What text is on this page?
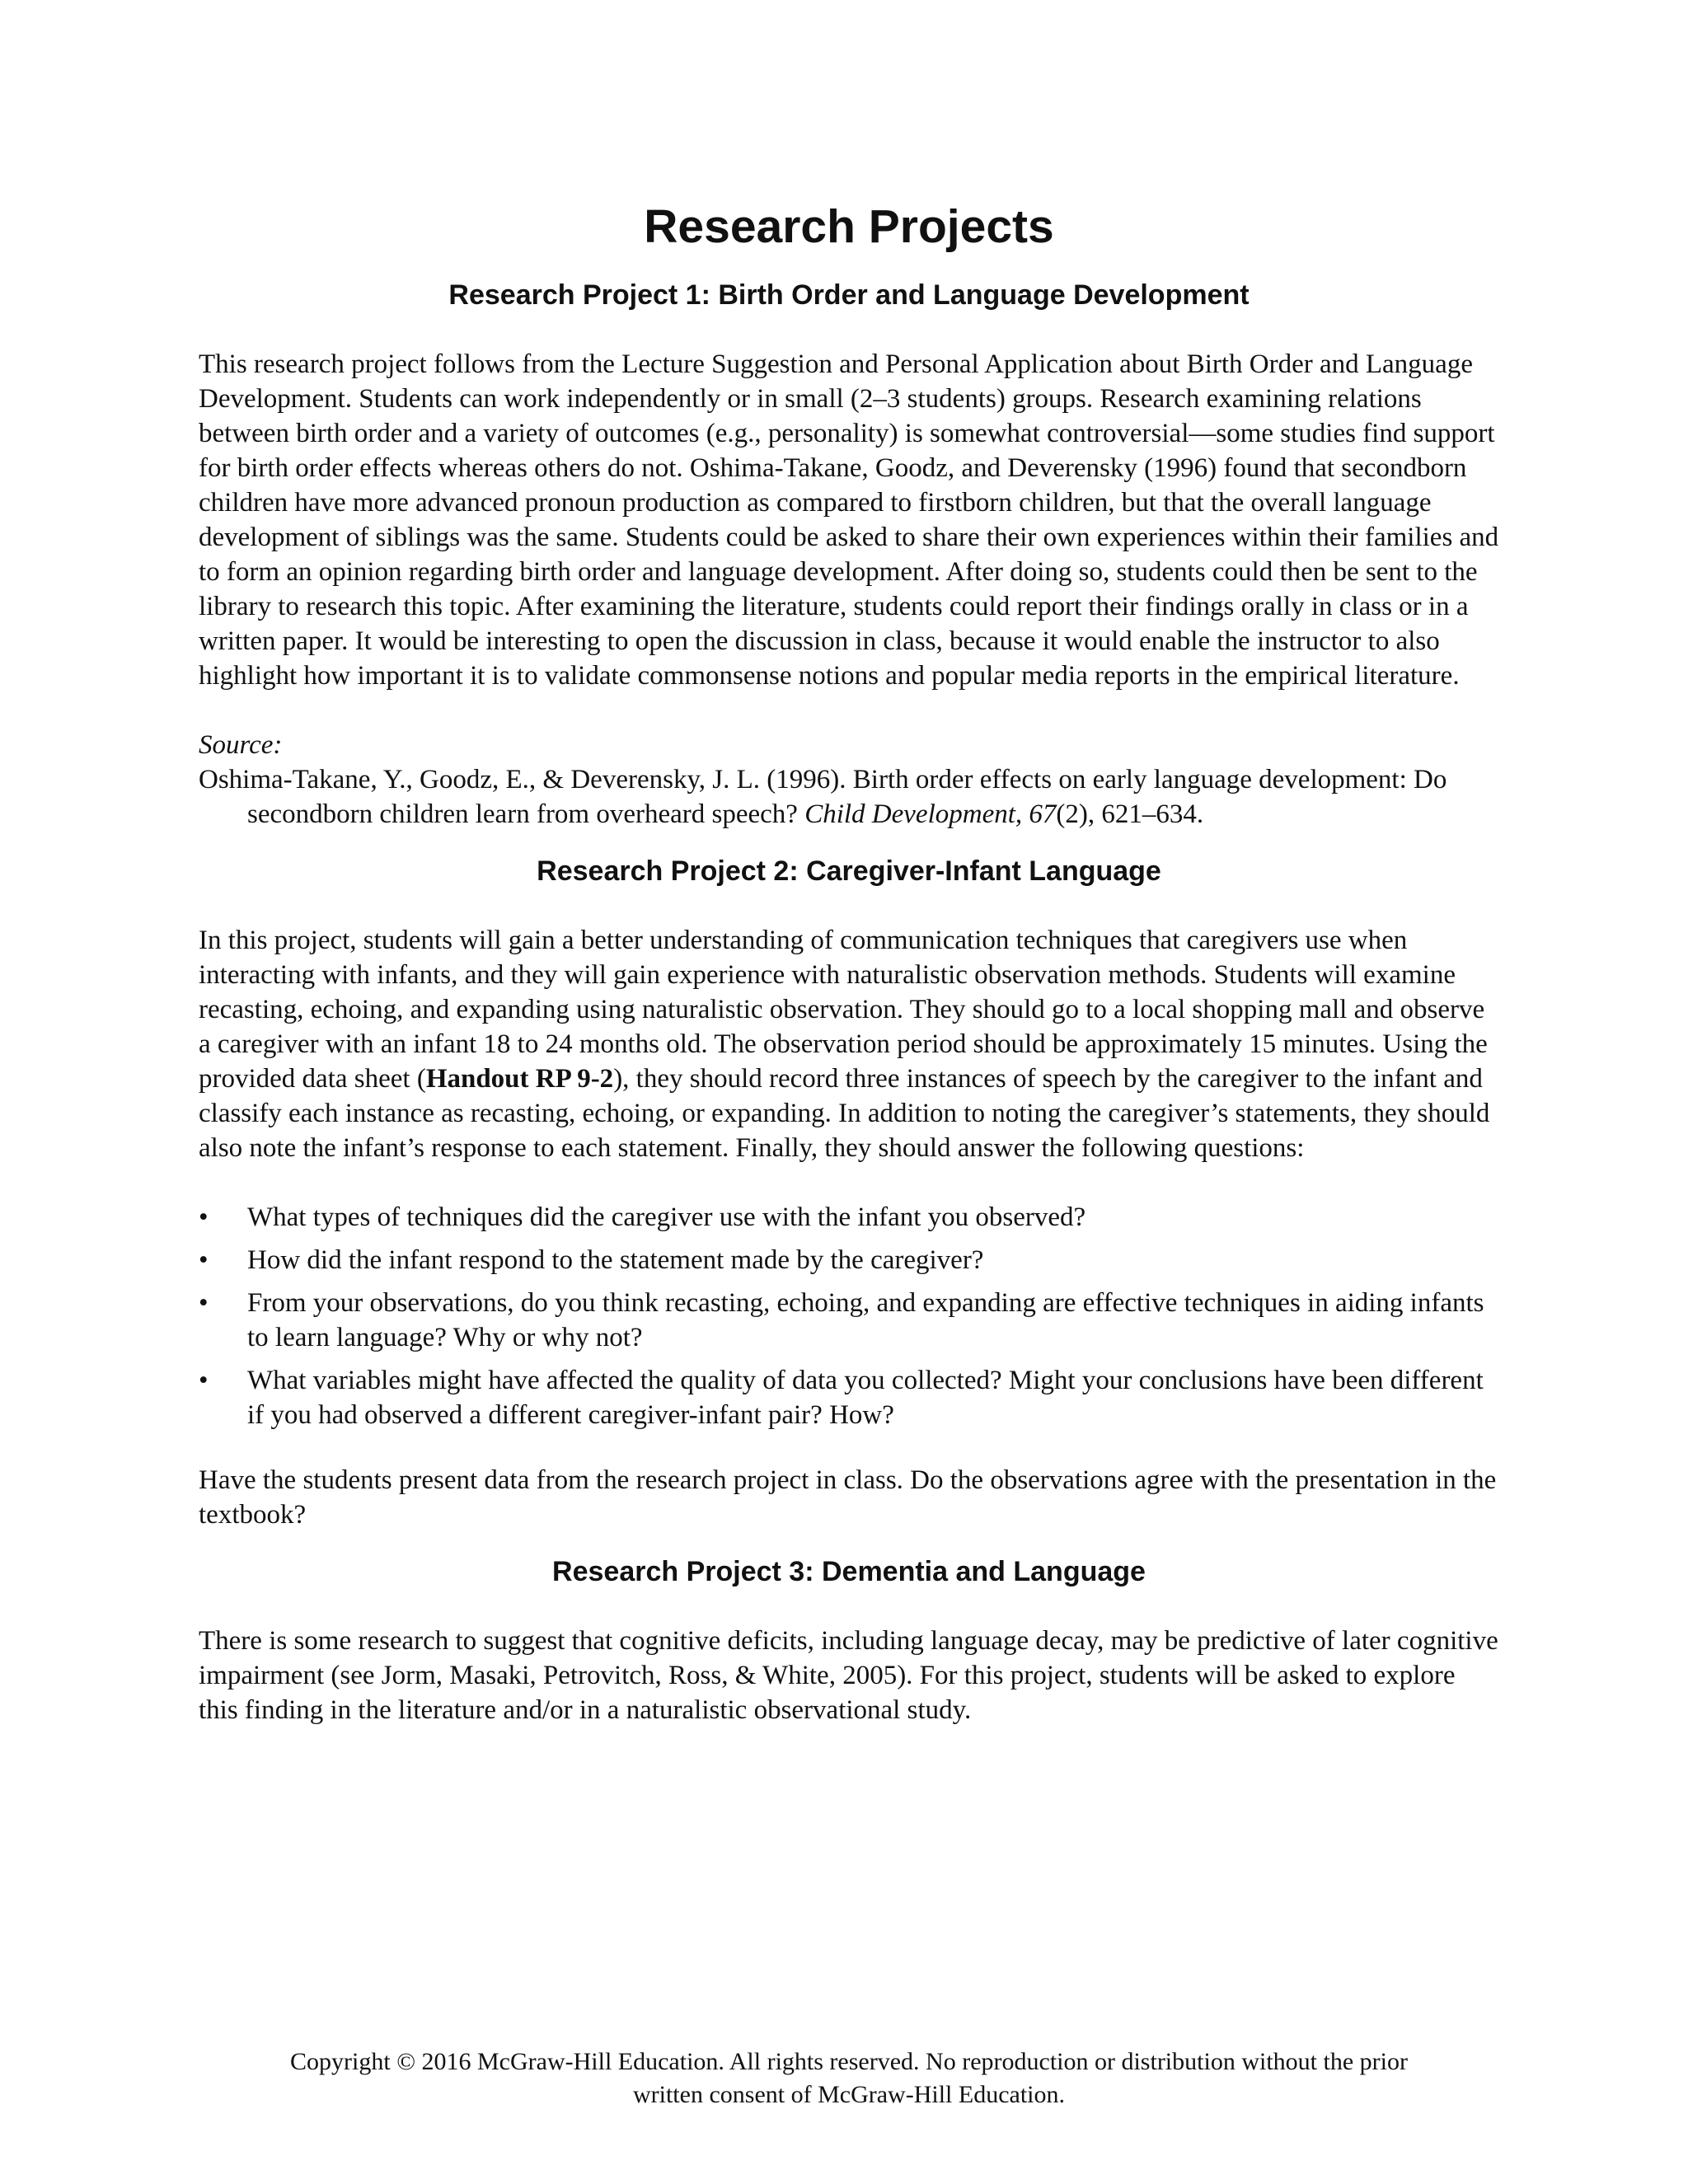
Research Projects
Research Project 1: Birth Order and Language Development

This research project follows from the Lecture Suggestion and Personal Application about Birth Order and Language Development. Students can work independently or in small (2–3 students) groups. Research examining relations between birth order and a variety of outcomes (e.g., personality) is somewhat controversial—some studies find support for birth order effects whereas others do not. Oshima-Takane, Goodz, and Deverensky (1996) found that secondborn children have more advanced pronoun production as compared to firstborn children, but that the overall language development of siblings was the same. Students could be asked to share their own experiences within their families and to form an opinion regarding birth order and language development. After doing so, students could then be sent to the library to research this topic. After examining the literature, students could report their findings orally in class or in a written paper. It would be interesting to open the discussion in class, because it would enable the instructor to also highlight how important it is to validate commonsense notions and popular media reports in the empirical literature.

Source:

Oshima-Takane, Y., Goodz, E., & Deverensky, J. L. (1996). Birth order effects on early language development: Do secondborn children learn from overheard speech? Child Development, 67(2), 621–634.

Research Project 2: Caregiver-Infant Language

In this project, students will gain a better understanding of communication techniques that caregivers use when interacting with infants, and they will gain experience with naturalistic observation methods. Students will examine recasting, echoing, and expanding using naturalistic observation. They should go to a local shopping mall and observe a caregiver with an infant 18 to 24 months old. The observation period should be approximately 15 minutes. Using the provided data sheet (Handout RP 9-2), they should record three instances of speech by the caregiver to the infant and classify each instance as recasting, echoing, or expanding. In addition to noting the caregiver’s statements, they should also note the infant’s response to each statement. Finally, they should answer the following questions:

•	What types of techniques did the caregiver use with the infant you observed?
•	How did the infant respond to the statement made by the caregiver?
•	From your observations, do you think recasting, echoing, and expanding are effective techniques in aiding infants to learn language? Why or why not?
•	What variables might have affected the quality of data you collected? Might your conclusions have been different if you had observed a different caregiver-infant pair? How?

Have the students present data from the research project in class. Do the observations agree with the presentation in the textbook?

Research Project 3: Dementia and Language

There is some research to suggest that cognitive deficits, including language decay, may be predictive of later cognitive impairment (see Jorm, Masaki, Petrovitch, Ross, & White, 2005). For this project, students will be asked to explore this finding in the literature and/or in a naturalistic observational study.

Copyright © 2016 McGraw-Hill Education. All rights reserved. No reproduction or distribution without the prior
written consent of McGraw-Hill Education.
